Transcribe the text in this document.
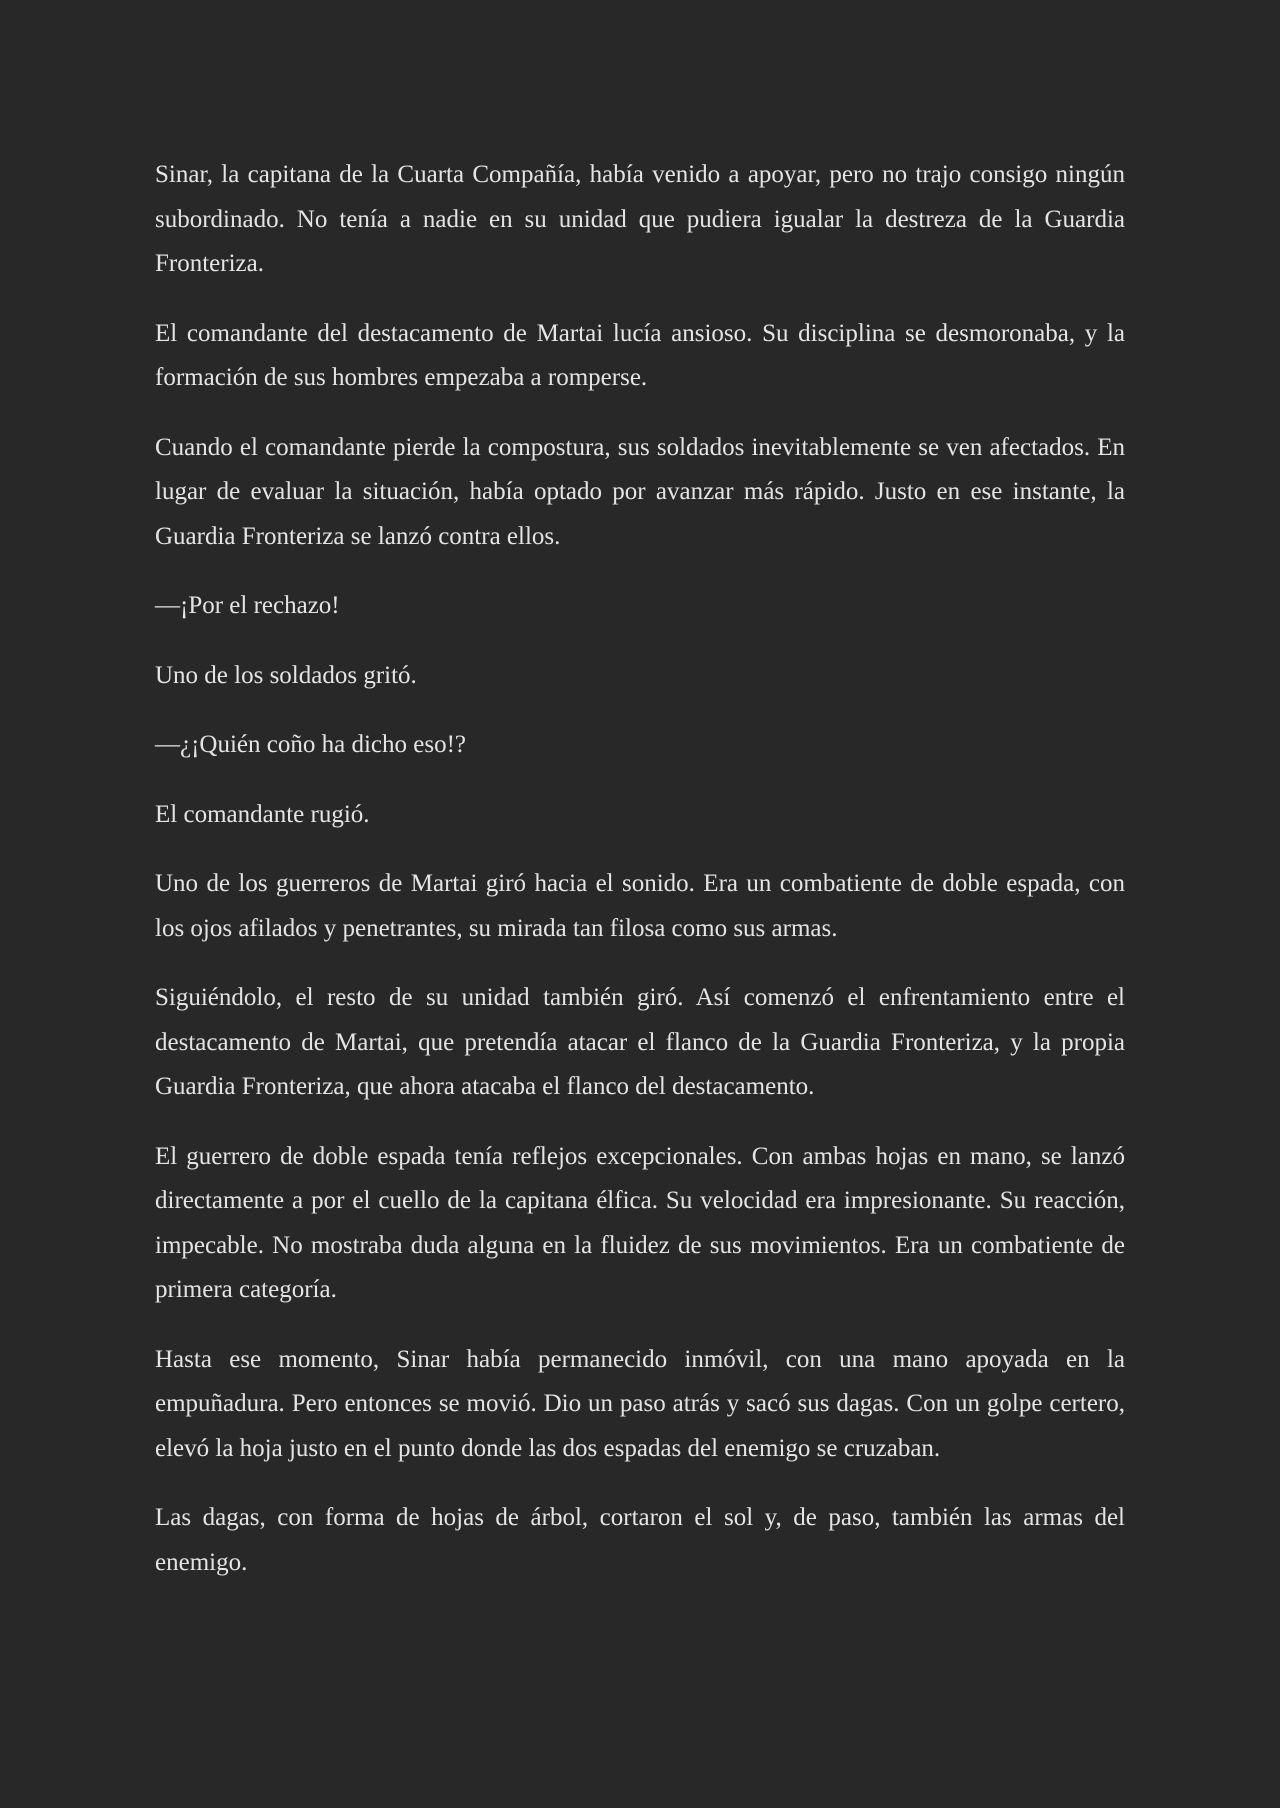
Sinar, la capitana de la Cuarta Compañía, había venido a apoyar, pero no trajo consigo ningún subordinado. No tenía a nadie en su unidad que pudiera igualar la destreza de la Guardia Fronteriza.

El comandante del destacamento de Martai lucía ansioso. Su disciplina se desmoronaba, y la formación de sus hombres empezaba a romperse.

Cuando el comandante pierde la compostura, sus soldados inevitablemente se ven afectados. En lugar de evaluar la situación, había optado por avanzar más rápido. Justo en ese instante, la Guardia Fronteriza se lanzó contra ellos.

—¡Por el rechazo!

Uno de los soldados gritó.

—¿¡Quién coño ha dicho eso!?

El comandante rugió.

Uno de los guerreros de Martai giró hacia el sonido. Era un combatiente de doble espada, con los ojos afilados y penetrantes, su mirada tan filosa como sus armas.

Siguiéndolo, el resto de su unidad también giró. Así comenzó el enfrentamiento entre el destacamento de Martai, que pretendía atacar el flanco de la Guardia Fronteriza, y la propia Guardia Fronteriza, que ahora atacaba el flanco del destacamento.

El guerrero de doble espada tenía reflejos excepcionales. Con ambas hojas en mano, se lanzó directamente a por el cuello de la capitana élfica. Su velocidad era impresionante. Su reacción, impecable. No mostraba duda alguna en la fluidez de sus movimientos. Era un combatiente de primera categoría.

Hasta ese momento, Sinar había permanecido inmóvil, con una mano apoyada en la empuñadura. Pero entonces se movió. Dio un paso atrás y sacó sus dagas. Con un golpe certero, elevó la hoja justo en el punto donde las dos espadas del enemigo se cruzaban.

Las dagas, con forma de hojas de árbol, cortaron el sol y, de paso, también las armas del enemigo.
